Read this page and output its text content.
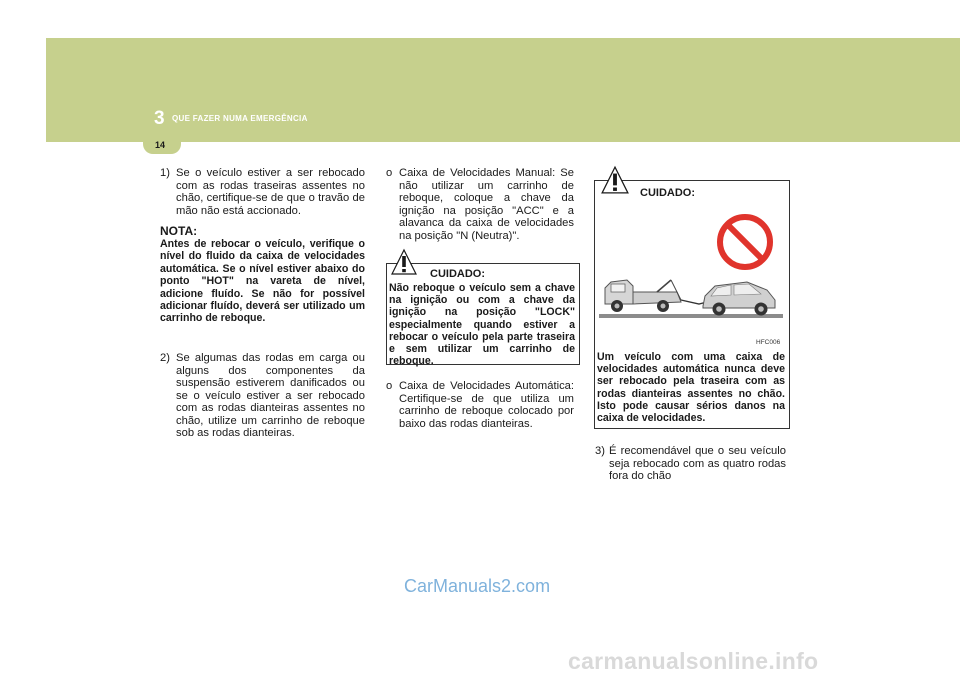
3 QUE FAZER NUMA EMERGÊNCIA
14
1) Se o veículo estiver a ser rebocado com as rodas traseiras assentes no chão, certifique-se de que o travão de mão não está accionado.
NOTA:
Antes de rebocar o veículo, verifique o nível do fluido da caixa de velocidades automática. Se o nível estiver abaixo do ponto "HOT" na vareta de nível, adicione fluído. Se não for possível adicionar fluído, deverá ser utilizado um carrinho de reboque.
2) Se algumas das rodas em carga ou alguns dos componentes da suspensão estiverem danificados ou se o veículo estiver a ser rebocado com as rodas dianteiras assentes no chão, utilize um carrinho de reboque sob as rodas dianteiras.
o Caixa de Velocidades Manual: Se não utilizar um carrinho de reboque, coloque a chave da ignição na posição "ACC" e a alavanca da caixa de velocidades na posição "N (Neutra)".
CUIDADO:
Não reboque o veículo sem a chave na ignição ou com a chave da ignição na posição "LOCK" especialmente quando estiver a rebocar o veículo pela parte traseira e sem utilizar um carrinho de reboque.
o Caixa de Velocidades Automática: Certifique-se de que utiliza um carrinho de reboque colocado por baixo das rodas dianteiras.
CUIDADO:
HFC006
Um veículo com uma caixa de velocidades automática nunca deve ser rebocado pela traseira com as rodas dianteiras assentes no chão. Isto pode causar sérios danos na caixa de velocidades.
3) É recomendável que o seu veículo seja rebocado com as quatro rodas fora do chão
CarManuals2.com
carmanualsonline.info
